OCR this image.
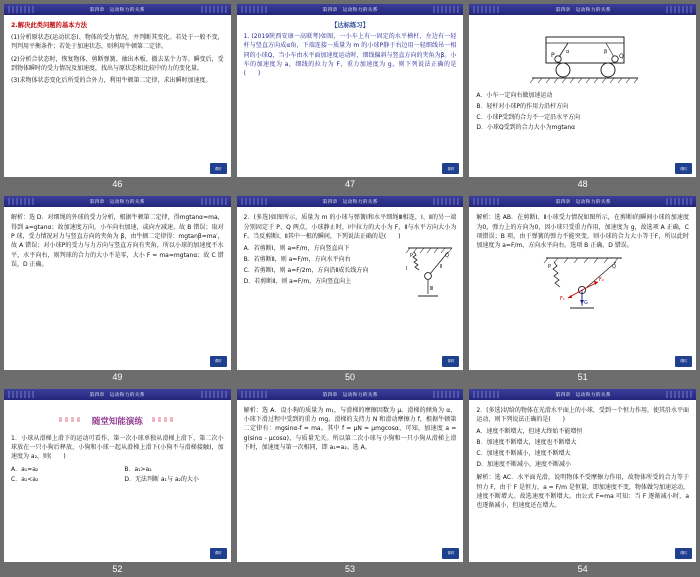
第四章　运动和力的关系
2.解决此类问题的基本方法

(1)分析原状态(运动状态)、物体的受力情况，并判断其变化。若处于一般不变，判判用平衡条件；若处于加速状态，则利用牛顿第二定律。

(2)分析合状态时，恢复物体、剪断弹簧、抽出木板、撤去某个力等。瞬变后，受到物体瞬时的受力情况及加速度，找出与原状态相比较中的力的变化量。

(3)求物体状态变化后所受的合外力，利用牛顿第二定律，求出瞬时加速度。

课时
46
第四章　运动和力的关系
【达标练习】

1. (2019陕西安康一高联考)如图，一小车上有一固定的水平横杆，左边有一轻杆与竖直方向成α角，下端连接一质量为 m 的小球P静于右边用一轻细线吊一相同的小球Q，当小车由水平面加速度运动时，细线偏斜与竖直方向的夹角为β。小车的加速度为 a，细线的拉力为 F，重力加速度为 g，则下列说法正确的是(　　)

课时
47
第四章　运动和力的关系
P α
Q
β
A．小车一定向右做加速运动
B．轻杆对小球P的作用力沿杆方向
C．小球P受到的合力不一定沿水平方向
D．小球Q受到的合力大小为mgtanα
课时
48
第四章　运动和力的关系

解析：选 D．对细绳的外球的受力分析，根据牛顿第二定律，得mgtanα=ma，得到 a=gtanα；故加速度方向，小车向右加速，或向左减速，故 B 错误；取对 P 球，受力情况对力与竖直方向的夹角为 β，由牛顿二定律得：mgtanβ=ma′，故 A 错误；对小球P的受力与力方向与竖直方向有夹角，所以小球的加速度不水平，水平向右，则判球的合力的大小不是零，大小 F = ma=mgtanα；故 C 错误，D 正确。

课时
49
第四章　运动和力的关系

2．(多选)如图所示，质量为 m 的小球与弹簧I和水平细绳Ⅲ相连，Ⅰ、Ⅱ的另一端分别固定于 P、Q 两点，小球静止时，Ⅰ中拉力的大小为 F，Ⅱ与水平方向大小为 F。当反剪断Ⅰ、Ⅱ其中一根的瞬间，下列说法正确的是(　　)

A．若剪断Ⅰ，则 a=F/m，方向竖直向下
B．若剪断Ⅱ，则 a=F/m，方向水平向右
C．若剪断Ⅰ，则 a=F/2m，方向沿Ⅱ成长线方向
D．若剪断Ⅱ，则 a=F/m，方向竖直向上
P	Q
Ⅰ	Ⅱ
Ⅲ
课时
50
第四章　运动和力的关系

解析：选 AB．在剪断Ⅰ、Ⅱ小球受力情况如图所示，在剪断Ⅰ的瞬间小球的加速度为0，弹力上的方向为0，因小球只受重力作用，加速度为 g，故选项 A 正确，C 项错误；B 项，由于弹簧的弹力不能突变，则小球的合力大小等于F，所以此时加速度为 a=F/m，方向水平向右。选项 B 正确，D 错误。

P	Q
F₂
F₁
G
课时
51
第四章　运动和力的关系
随堂知能演练

1．小球从滑梯上滑下的运动可看作，第一次小球单独从滑梯上滑下，第二次小球放在一只小狗后释放，小狗和小球一起从滑梯上滑下(小狗不与滑梯接触)，加速度为 a₂，则(　　)

A．a₁=a₂
C．a₁<a₂
B．a₁>a₂
D．无法判断 a₁与 a₂的大小
课时
52
第四章　运动和力的关系

解析：选 A．设小狗的质量为 m₁，与滑梯的摩擦因数为 μ。滑梯的倾角为 α，小球下滑过程中受到的重力 mg，滑梯的支持力 N 和滑动摩擦力 f，根据牛顿第二定律有：mgsinα-f = ma。其中 f = μN = μmgcosα，可知，加速度 a = g(sinα - μcosα)，与质量无关。所以第二次小球与小狗和一只小狗从滑梯上滑下时，加速度与第一次相同，即 a₁=a₂。选 A。

课时
53
第四章　运动和力的关系

2．(多选)切给的物体在光滑水平面上的小球，受到一个恒力作用，使其沿水平面运动，则下列说法正确的是(　　)

A．速度不断增大，但速大终始不能增恒
B．加速度不断增大，速度也不断增大
C．加速度不断减小，速度不断增大
D．加速度不断减小，速度不断减小

解析：选 AC．水平面光滑，说明物体不受摩擦力作用，故物体所受的合力等于恒力 F，由于 F 是恒力，a = F/m 是恒量，即加速度不变，物体做匀加速运动，速度不断增大。故选速度不断增大。由公式 F=ma 可知：当 F 逐渐减小时，a 也逐渐减小，但速度还在增大。

课时
54
